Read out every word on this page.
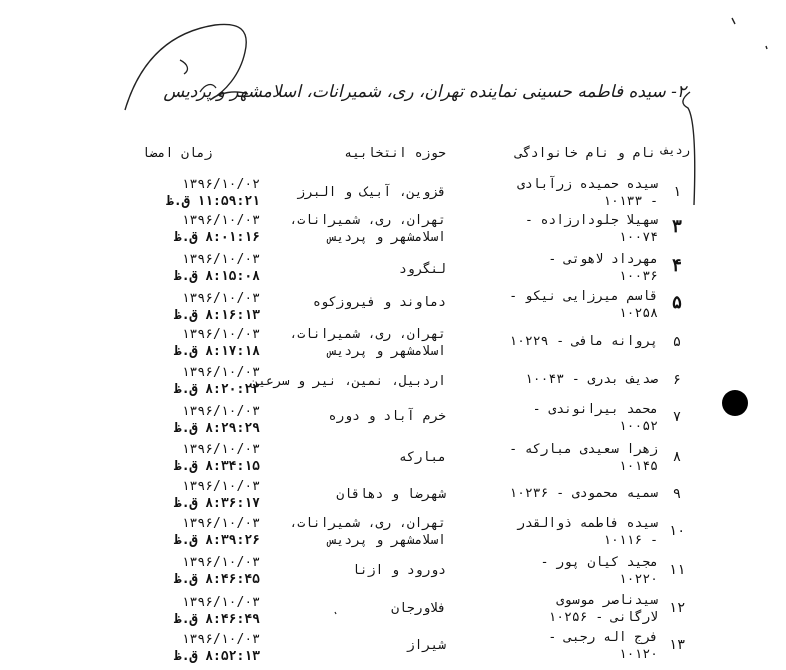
۲- سیده فاطمه حسینی نماینده تهران، ری، شمیرانات، اسلامشهر و پردیس
ردیف
نام و نام خانوادگی
حوزه انتخابیه
زمان امضا
۱
سیده حمیده زرآبادی
- ۱۰۱۳۳
قزوین، آبیک و البرز
۱۳۹۶/۱۰/۰۲
۱۱:۵۹:۲۱ ق.ظ
۳
سهیلا جلودارزاده -
۱۰۰۷۴
تهران، ری، شمیرانات،
اسلامشهر و پردیس
۱۳۹۶/۱۰/۰۳
۸:۰۱:۱۶ ق.ظ
۴
مهرداد لاهوتی -
۱۰۰۳۶
لنگرود
۱۳۹۶/۱۰/۰۳
۸:۱۵:۰۸ ق.ظ
۵
قاسم میرزایی نیکو -
۱۰۲۵۸
دماوند و فیروزکوه
۱۳۹۶/۱۰/۰۳
۸:۱۶:۱۳ ق.ظ
۵
پروانه مافی - ۱۰۲۲۹
تهران، ری، شمیرانات،
اسلامشهر و پردیس
۱۳۹۶/۱۰/۰۳
۸:۱۷:۱۸ ق.ظ
۶
صدیف بدری - ۱۰۰۴۳
اردبیل، نمین، نیر و سرعین
۱۳۹۶/۱۰/۰۳
۸:۲۰:۲۲ ق.ظ
۷
محمد بیرانوندی -
۱۰۰۵۲
خرم آباد و دوره
۱۳۹۶/۱۰/۰۳
۸:۲۹:۲۹ ق.ظ
۸
زهرا سعیدی مبارکه -
۱۰۱۴۵
مبارکه
۱۳۹۶/۱۰/۰۳
۸:۳۴:۱۵ ق.ظ
۹
سمیه محمودی - ۱۰۲۳۶
شهرضا و دهاقان
۱۳۹۶/۱۰/۰۳
۸:۳۶:۱۷ ق.ظ
۱۰
سیده فاطمه ذوالقدر
- ۱۰۱۱۶
تهران، ری، شمیرانات،
اسلامشهر و پردیس
۱۳۹۶/۱۰/۰۳
۸:۳۹:۲۶ ق.ظ
۱۱
مجید کیان پور -
۱۰۲۲۰
دورود و ازنا
۱۳۹۶/۱۰/۰۳
۸:۴۶:۴۵ ق.ظ
۱۲
سیدناصر موسوی
لارگانی - ۱۰۲۵۶
فلاورجان
۱۳۹۶/۱۰/۰۳
۸:۴۶:۴۹ ق.ظ
۱۳
فرج اله رجبی -
۱۰۱۲۰
شیراز
۱۳۹۶/۱۰/۰۳
۸:۵۲:۱۳ ق.ظ
